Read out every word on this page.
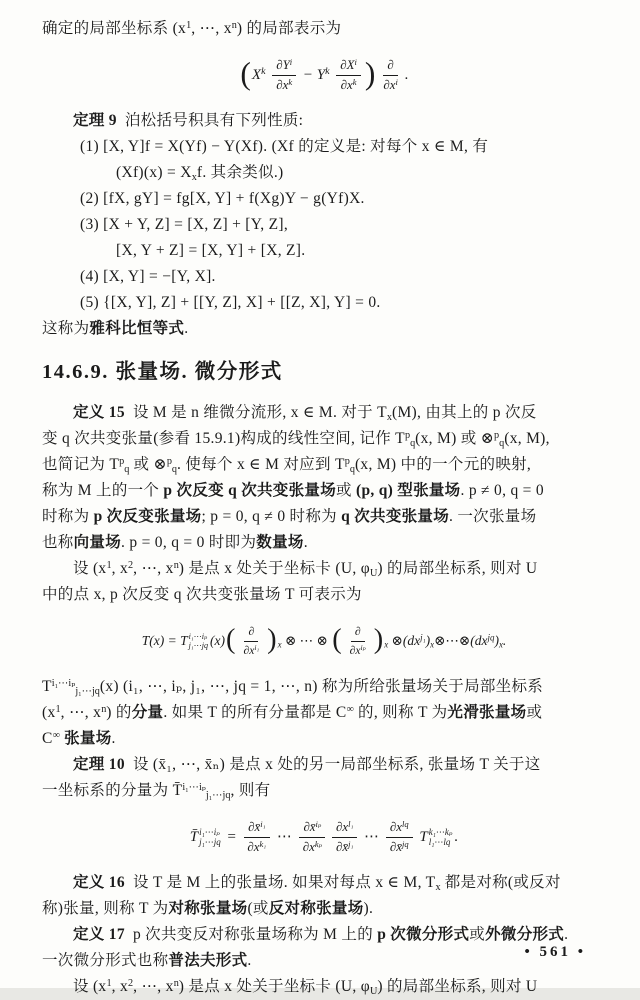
确定的局部坐标系 ($x^1$, ⋯, $x^n$) 的局部表示为
( $X^k \frac{\partial Y^i}{\partial x^k} - Y^k \frac{\partial X^i}{\partial x^k}$ ) $\frac{\partial}{\partial x^i}$ .
定理 9 泊松括号积具有下列性质:
(1) [X, Y]f = X(Yf) − Y(Xf). (Xf 的定义是: 对每个 x ∈ M, 有
$(Xf)(x) = X_xf$. 其余类似.)
(2) [fX, gY] = fg[X, Y] + f(Xg)Y − g(Yf)X.
(3) [X + Y, Z] = [X, Z] + [Y, Z],
[X, Y + Z] = [X, Y] + [X, Z].
(4) [X, Y] = −[Y, X].
(5) {[X, Y], Z] + [[Y, Z], X] + [[Z, X], Y] = 0.
这称为雅科比恒等式.
14.6.9. 张量场. 微分形式
定义 15 设 M 是 n 维微分流形, x ∈ M. 对于 $T_x(M)$, 由其上的 p 次反
变 q 次共变张量(参看 15.9.1)构成的线性空间, 记作 $T^p_q(x$, M) 或 ⊗$^p_q$(x, M),
也简记为 $T^p_q$ 或 ⊗$^p_q$. 使每个 x ∈ M 对应到 $T^p_q(x$, M) 中的一个元的映射,
称为 M 上的一个 p 次反变 q 次共变张量场或 (p, q) 型张量场. p ≠ 0, q = 0
时称为 p 次反变张量场; p = 0, q ≠ 0 时称为 q 次共变张量场. 一次张量场
也称向量场. p = 0, q = 0 时即为数量场.
设 ($x^1$, $x^2$, ⋯, $x^n$) 是点 x 处关于坐标卡 (U, $\varphi_U$) 的局部坐标系, 则对 U
中的点 x, p 次反变 q 次共变张量场 T 可表示为
T(x) = T i₁⋯iₚ
j₁⋯jq (x) ( $\frac{\partial}{\partial x^{i_1}}$ ) $_x$ ⊗ ⋯ ⊗ ( $\frac{\partial}{\partial x^{i_p}}$ ) $_x$ $\otimes(dx^{j_1})_x\otimes\cdots\otimes(dx^{jq})_x$.
$T^{i_1\cdots i_p}_{j_1\cdots jq}(x)$ (i₁, ⋯, iₚ, j₁, ⋯, jq = 1, ⋯, n) 称为所给张量场关于局部坐标系
($x^1$, ⋯, $x^n$) 的分量. 如果 T 的所有分量都是 C∞ 的, 则称 T 为光滑张量场或
C∞ 张量场.
定理 10 设 (x̄₁, ⋯, x̄ₙ) 是点 x 处的另一局部坐标系, 张量场 T 关于这
一坐标系的分量为 T̄$^{i_1\cdots i_p}_{j_1\cdots jq}$, 则有
T̄ i₁⋯iₚ
j₁⋯jq = $\frac{\partial x̄^{i_1}}{\partial x^{k_1}}$ ⋯ $\frac{\partial x̄^{i_p}}{\partial x^{k_p}} \frac{\partial x^{l_1}}{\partial x̄^{j_1}}$ ⋯ $\frac{\partial x^{lq}}{\partial x̄^{jq}}$ T k₁⋯kₚ
l₁⋯lq .
定义 16 设 T 是 M 上的张量场. 如果对每点 x ∈ M, $T_x$ 都是对称(或反对
称)张量, 则称 T 为对称张量场(或反对称张量场).
定义 17 p 次共变反对称张量场称为 M 上的 p 次微分形式或外微分形式.
一次微分形式也称普法夫形式.
设 ($x^1$, $x^2$, ⋯, $x^n$) 是点 x 处关于坐标卡 (U, $\varphi_U$) 的局部坐标系, 则对 U
• 561 •
